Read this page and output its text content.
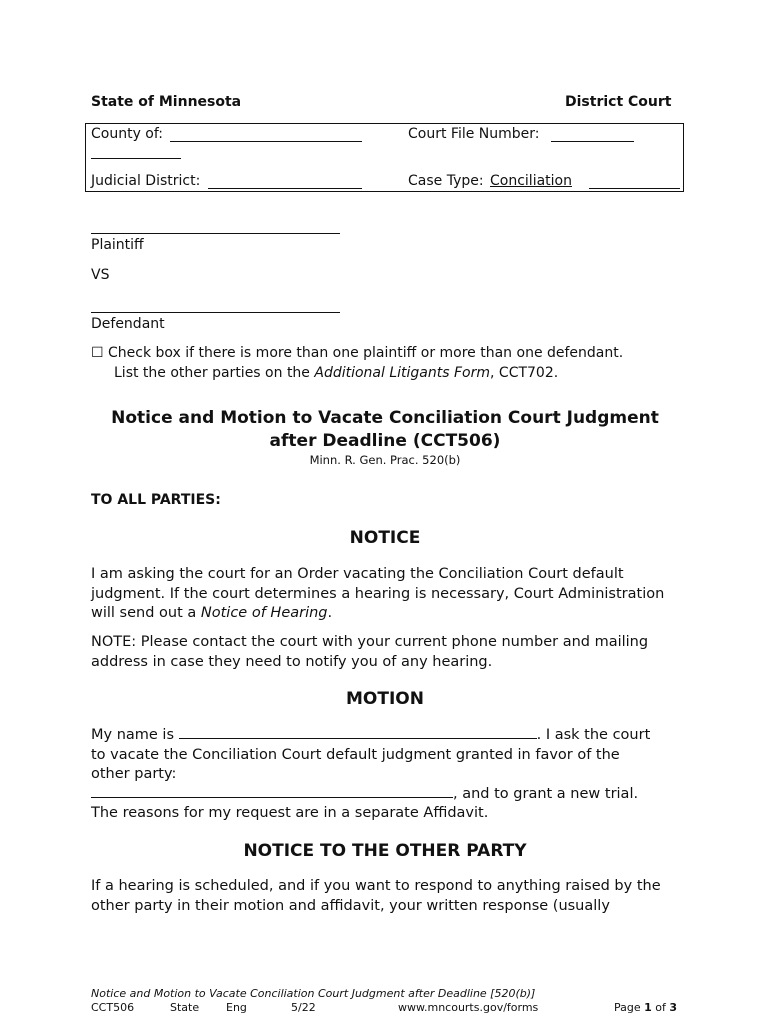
State of Minnesota	District Court
County of:	Court File Number:
Judicial District:	Case Type: Conciliation
Plaintiff
VS
Defendant
☐ Check box if there is more than one plaintiff or more than one defendant.
List the other parties on the Additional Litigants Form, CCT702.
Notice and Motion to Vacate Conciliation Court Judgment
after Deadline (CCT506)
Minn. R. Gen. Prac. 520(b)
TO ALL PARTIES:
NOTICE
I am asking the court for an Order vacating the Conciliation Court default judgment. If the court determines a hearing is necessary, Court Administration will send out a Notice of Hearing.
NOTE: Please contact the court with your current phone number and mailing address in case they need to notify you of any hearing.
MOTION
My name is	. I ask the court
to vacate the Conciliation Court default judgment granted in favor of the
other party:
, and to grant a new trial.
The reasons for my request are in a separate Affidavit.
NOTICE TO THE OTHER PARTY
If a hearing is scheduled, and if you want to respond to anything raised by the other party in their motion and affidavit, your written response (usually
Notice and Motion to Vacate Conciliation Court Judgment after Deadline [520(b)]
CCT506	State Eng	5/22	www.mncourts.gov/forms	Page 1 of 3
